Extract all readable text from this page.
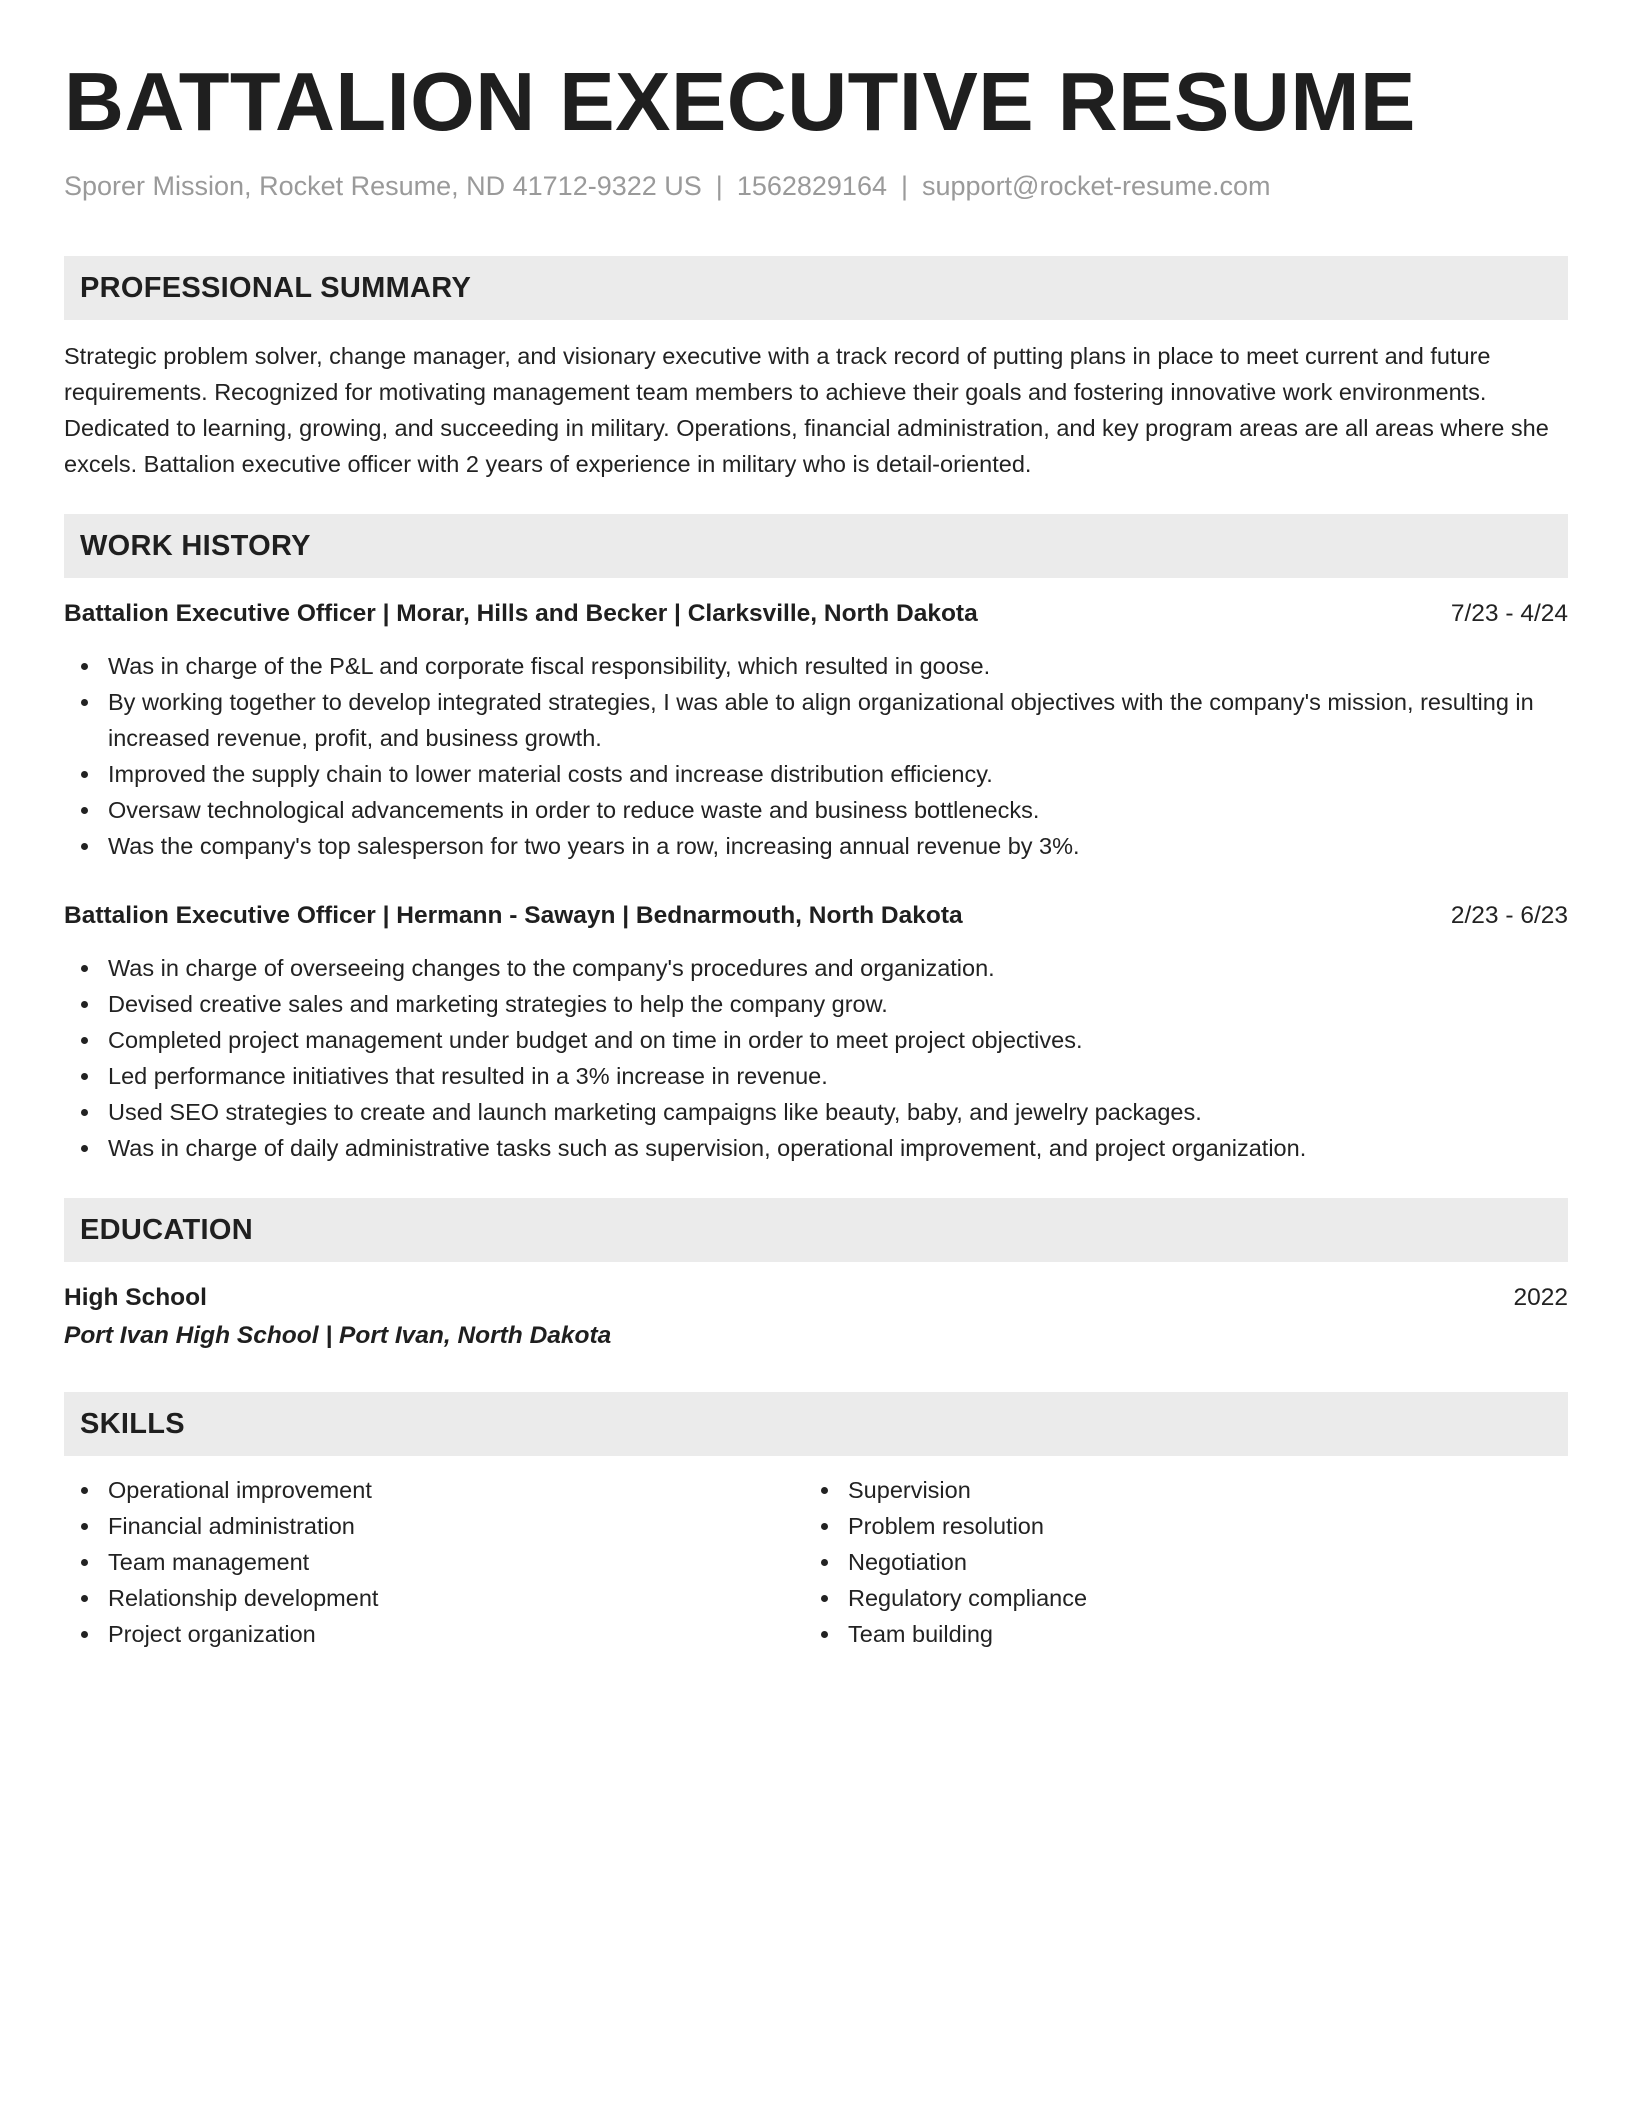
BATTALION EXECUTIVE RESUME
Sporer Mission, Rocket Resume, ND 41712-9322 US | 1562829164 | support@rocket-resume.com
PROFESSIONAL SUMMARY
Strategic problem solver, change manager, and visionary executive with a track record of putting plans in place to meet current and future requirements. Recognized for motivating management team members to achieve their goals and fostering innovative work environments. Dedicated to learning, growing, and succeeding in military. Operations, financial administration, and key program areas are all areas where she excels. Battalion executive officer with 2 years of experience in military who is detail-oriented.
WORK HISTORY
Battalion Executive Officer | Morar, Hills and Becker | Clarksville, North Dakota	7/23 - 4/24
Was in charge of the P&L and corporate fiscal responsibility, which resulted in goose.
By working together to develop integrated strategies, I was able to align organizational objectives with the company's mission, resulting in increased revenue, profit, and business growth.
Improved the supply chain to lower material costs and increase distribution efficiency.
Oversaw technological advancements in order to reduce waste and business bottlenecks.
Was the company's top salesperson for two years in a row, increasing annual revenue by 3%.
Battalion Executive Officer | Hermann - Sawayn | Bednarmouth, North Dakota	2/23 - 6/23
Was in charge of overseeing changes to the company's procedures and organization.
Devised creative sales and marketing strategies to help the company grow.
Completed project management under budget and on time in order to meet project objectives.
Led performance initiatives that resulted in a 3% increase in revenue.
Used SEO strategies to create and launch marketing campaigns like beauty, baby, and jewelry packages.
Was in charge of daily administrative tasks such as supervision, operational improvement, and project organization.
EDUCATION
High School	2022
Port Ivan High School | Port Ivan, North Dakota
SKILLS
Operational improvement
Financial administration
Team management
Relationship development
Project organization
Supervision
Problem resolution
Negotiation
Regulatory compliance
Team building
